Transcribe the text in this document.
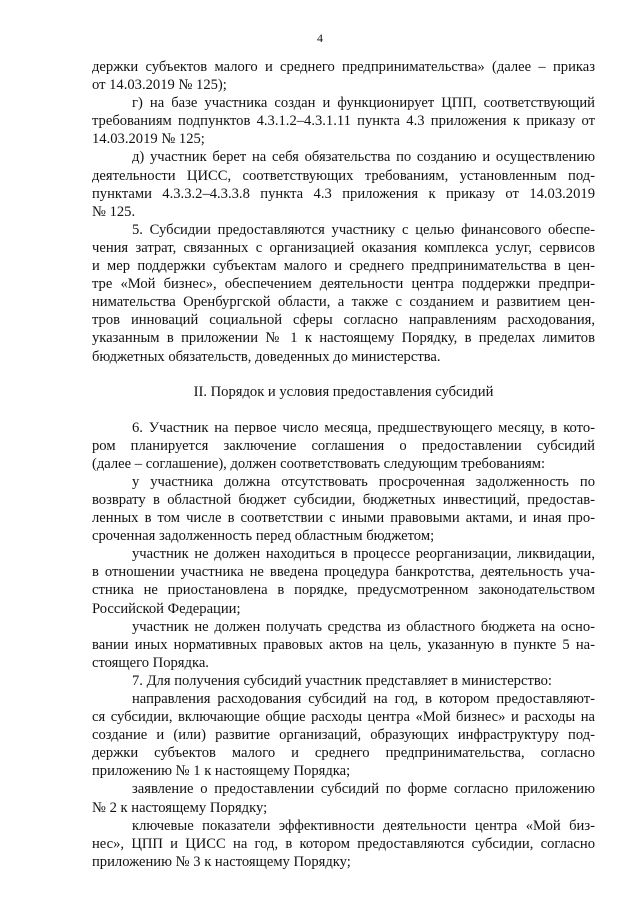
4

держки субъектов малого и среднего предпринимательства» (далее – приказ
от 14.03.2019 № 125);

г) на базе участника создан и функционирует ЦПП, соответствующий
требованиям подпунктов 4.3.1.2–4.3.1.11 пункта 4.3 приложения к приказу от
14.03.2019 № 125;

д) участник берет на себя обязательства по созданию и осуществлению
деятельности ЦИСС, соответствующих требованиям, установленным под-
пунктами 4.3.3.2–4.3.3.8 пункта 4.3 приложения к приказу от 14.03.2019
№ 125.

5. Субсидии предоставляются участнику с целью финансового обеспе-
чения затрат, связанных с организацией оказания комплекса услуг, сервисов
и мер поддержки субъектам малого и среднего предпринимательства в цен-
тре «Мой бизнес», обеспечением деятельности центра поддержки предпри-
нимательства Оренбургской области, а также с созданием и развитием цен-
тров инноваций социальной сферы согласно направлениям расходования,
указанным в приложении № 1 к настоящему Порядку, в пределах лимитов
бюджетных обязательств, доведенных до министерства.

II. Порядок и условия предоставления субсидий

6. Участник на первое число месяца, предшествующего месяцу, в кото-
ром планируется заключение соглашения о предоставлении субсидий
(далее – соглашение), должен соответствовать следующим требованиям:

у участника должна отсутствовать просроченная задолженность по
возврату в областной бюджет субсидии, бюджетных инвестиций, предостав-
ленных в том числе в соответствии с иными правовыми актами, и иная про-
сроченная задолженность перед областным бюджетом;

участник не должен находиться в процессе реорганизации, ликвидации,
в отношении участника не введена процедура банкротства, деятельность уча-
стника не приостановлена в порядке, предусмотренном законодательством
Российской Федерации;

участник не должен получать средства из областного бюджета на осно-
вании иных нормативных правовых актов на цель, указанную в пункте 5 на-
стоящего Порядка.

7. Для получения субсидий участник представляет в министерство:

направления расходования субсидий на год, в котором предоставляют-
ся субсидии, включающие общие расходы центра «Мой бизнес» и расходы на
создание и (или) развитие организаций, образующих инфраструктуру под-
держки субъектов малого и среднего предпринимательства, согласно
приложению № 1 к настоящему Порядка;

заявление о предоставлении субсидий по форме согласно приложению
№ 2 к настоящему Порядку;

ключевые показатели эффективности деятельности центра «Мой биз-
нес», ЦПП и ЦИСС на год, в котором предоставляются субсидии, согласно
приложению № 3 к настоящему Порядку;
